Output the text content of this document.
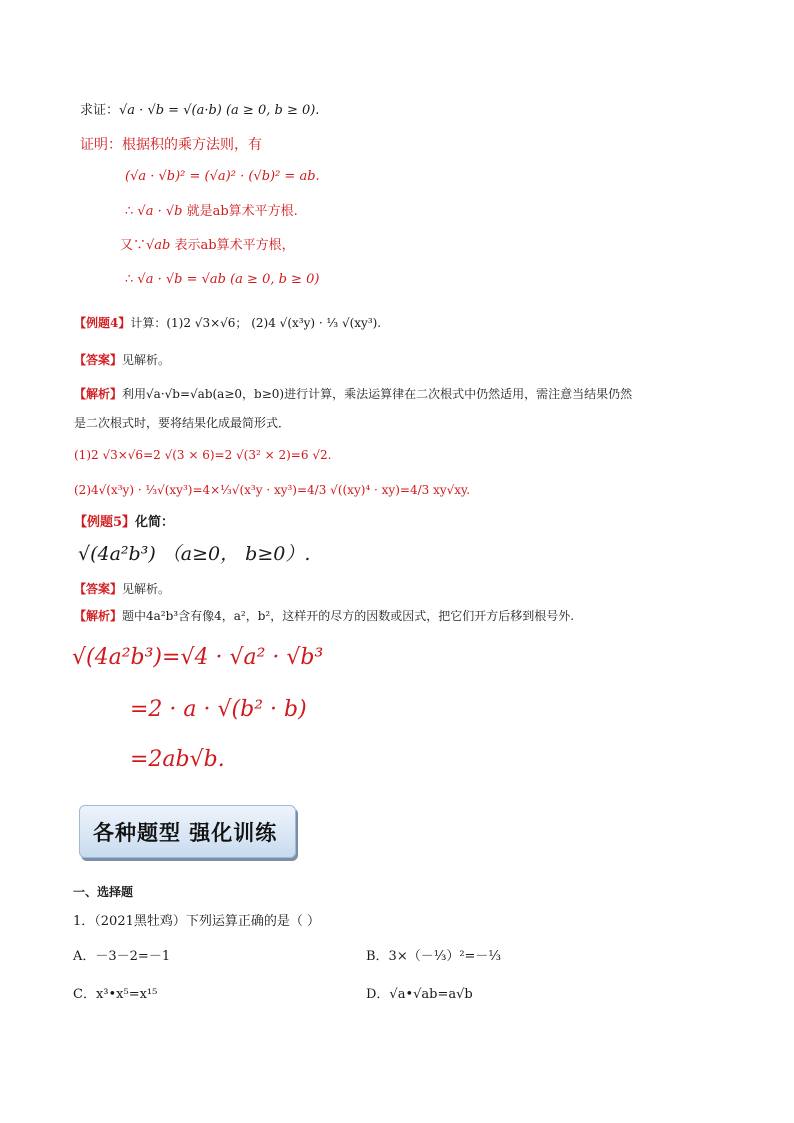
求证：√a · √b = √(a·b) (a ≥ 0, b ≥ 0).
证明：根据积的乘方法则，有
(√a · √b)² = (√a)² · (√b)² = ab.
∴ √a · √b 就是ab算术平方根.
又∵√ab 表示ab算术平方根，
∴ √a · √b = √ab (a ≥ 0, b ≥ 0)
【例题4】计算：(1)2 √3×√6； (2)4 √(x³y) · ⅓ √(xy³).
【答案】见解析。
【解析】利用√a·√b=√ab(a≥0，b≥0)进行计算，乘法运算律在二次根式中仍然适用，需注意当结果仍然
是二次根式时，要将结果化成最简形式．
(1)2 √3×√6=2 √(3 × 6)=2 √(3² × 2)=6 √2.
(2)4√(x³y) · ⅓√(xy³)=4×⅓√(x³y · xy³)=4/3 √((xy)⁴ · xy)=4/3 xy√xy.
【例题5】化简：
√(4a²b³) （a≥0， b≥0）.
【答案】见解析。
【解析】题中4a²b³含有像4，a²，b²，这样开的尽方的因数或因式，把它们开方后移到根号外.
√(4a²b³)=√4 · √a² · √b³
=2 · a · √(b² · b)
=2ab√b.
各种题型 强化训练
一、选择题
1．（2021黑牡鸡）下列运算正确的是（ ）
A．－3－2=－1	B．3×（－⅓）²=－⅓
C．x³•x⁵=x¹⁵	D．√a•√ab=a√b
